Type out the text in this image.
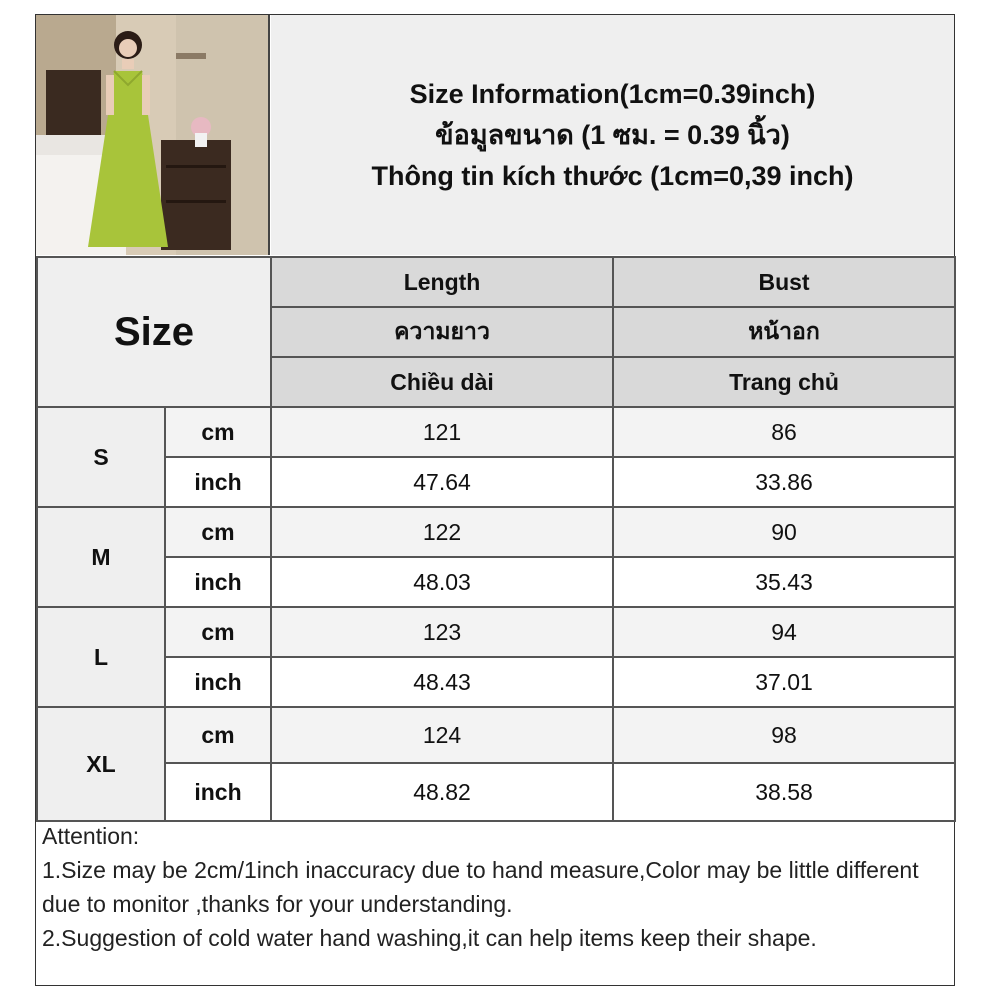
Size Information(1cm=0.39inch)
ข้อมูลขนาด (1 ซม. = 0.39 นิ้ว)
Thông tin kích thước (1cm=0,39 inch)
Size		Length	Bust
		ความยาว	หน้าอก
		Chiều dài	Trang chủ
S	cm	121	86
	inch	47.64	33.86
M	cm	122	90
	inch	48.03	35.43
L	cm	123	94
	inch	48.43	37.01
XL	cm	124	98
	inch	48.82	38.58
Attention:
1.Size may be 2cm/1inch inaccuracy due to hand measure,Color may be little different due to monitor ,thanks for your understanding.
2.Suggestion of cold water hand washing,it can help items keep their shape.
